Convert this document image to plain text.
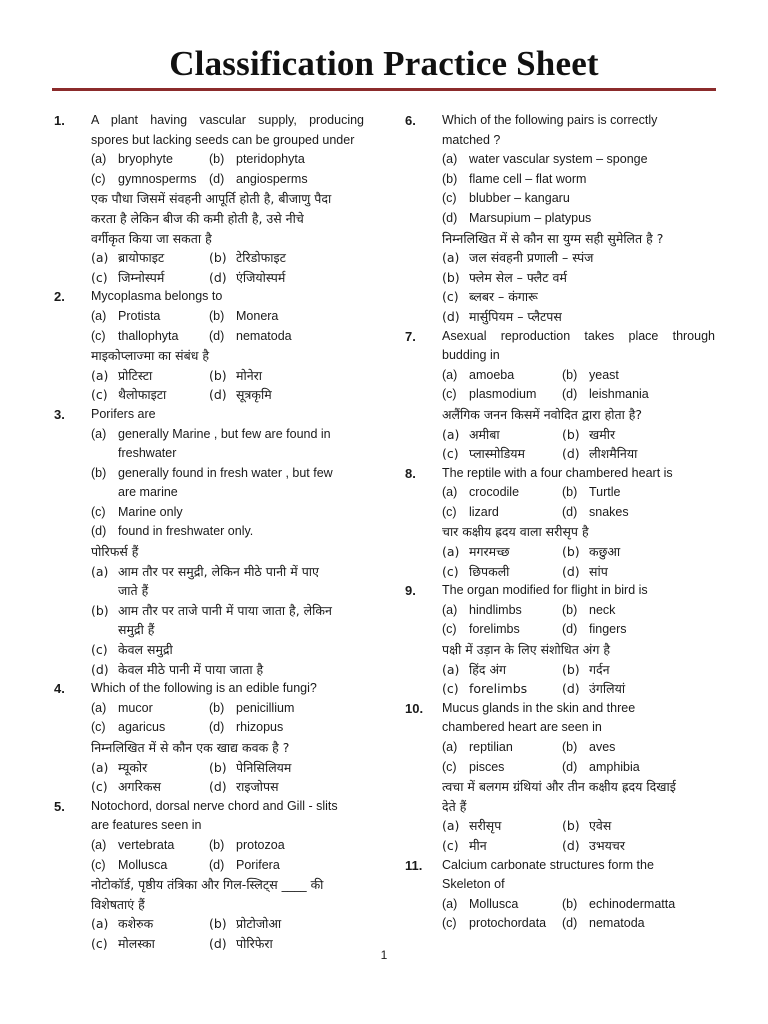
Classification Practice Sheet
1. A plant having vascular supply, producing
spores but lacking seeds can be grouped under
(a) bryophyte	(b) pteridophyta
(c) gymnosperms (d) angiosperms
एक पौधा जिसमें संवहनी आपूर्ति होती है, बीजाणु पैदा
करता है लेकिन बीज की कमी होती है, उसे नीचे
वर्गीकृत किया जा सकता है
(a) ब्रायोफाइट	(b) टेरिडोफाइट
(c) जिम्नोस्पर्म	(d) एंजियोस्पर्म
2. Mycoplasma belongs to
(a) Protista	(b) Monera
(c) thallophyta (d) nematoda
माइकोप्लाज्मा का संबंध है
(a) प्रोटिस्टा	(b) मोनेरा
(c) थैलोफाइटा	(d) सूत्रकृमि
3. Porifers are
(a) generally Marine , but few are found in
freshwater
(b) generally found in fresh water , but few
are marine
(c) Marine only
(d) found in freshwater only.
पोरिफर्स हैं
(a) आम तौर पर समुद्री, लेकिन मीठे पानी में पाए
जाते हैं
(b) आम तौर पर ताजे पानी में पाया जाता है, लेकिन
समुद्री हैं
(c) केवल समुद्री
(d) केवल मीठे पानी में पाया जाता है
4. Which of the following is an edible fungi?
(a) mucor	(b) penicillium
(c) agaricus	(d) rhizopus
निम्नलिखित में से कौन एक खाद्य कवक है ?
(a) म्यूकोर	(b) पेनिसिलियम
(c) अगरिकस	(d) राइजोपस
5. Notochord, dorsal nerve chord and Gill - slits
are features seen in
(a) vertebrata	(b) protozoa
(c) Mollusca	(d) Porifera
नोटोकॉर्ड, पृष्ठीय तंत्रिका और गिल-स्लिट्स ____ की
विशेषताएं हैं
(a) कशेरुक	(b) प्रोटोजोआ
(c) मोलस्का	(d) पोरिफेरा
6. Which of the following pairs is correctly
matched ?
(a) water vascular system – sponge
(b) flame cell – flat worm
(c) blubber – kangaru
(d) Marsupium – platypus
निम्नलिखित में से कौन सा युग्म सही सुमेलित है ?
(a) जल संवहनी प्रणाली – स्पंज
(b) फ्लेम सेल – फ्लैट वर्म
(c) ब्लबर – कंगारू
(d) मार्सुपियम – प्लैटपस
7. Asexual reproduction takes place through
budding in
(a) amoeba	(b) yeast
(c) plasmodium (d) leishmania
अलैंगिक जनन किसमें नवोदित द्वारा होता है?
(a) अमीबा	(b) खमीर
(c) प्लास्मोडियम	(d) लीशमैनिया
8. The reptile with a four chambered heart is
(a) crocodile	(b) Turtle
(c) lizard	(d) snakes
चार कक्षीय ह्रदय वाला सरीसृप है
(a) मगरमच्छ	(b) कछुआ
(c) छिपकली	(d) सांप
9. The organ modified for flight in bird is
(a) hindlimbs	(b) neck
(c) forelimbs	(d) fingers
पक्षी में उड़ान के लिए संशोधित अंग है
(a) हिंद अंग	(b) गर्दन
(c) forelimbs	(d) उंगलियां
10. Mucus glands in the skin and three
chambered heart are seen in
(a) reptilian	(b) aves
(c) pisces	(d) amphibia
त्वचा में बलगम ग्रंथियां और तीन कक्षीय ह्रदय दिखाई
देते हैं
(a) सरीसृप	(b) एवेस
(c) मीन	(d) उभयचर
11. Calcium carbonate structures form the
Skeleton of
(a) Mollusca	(b) echinodermatta
(c) protochordata (d) nematoda
1
